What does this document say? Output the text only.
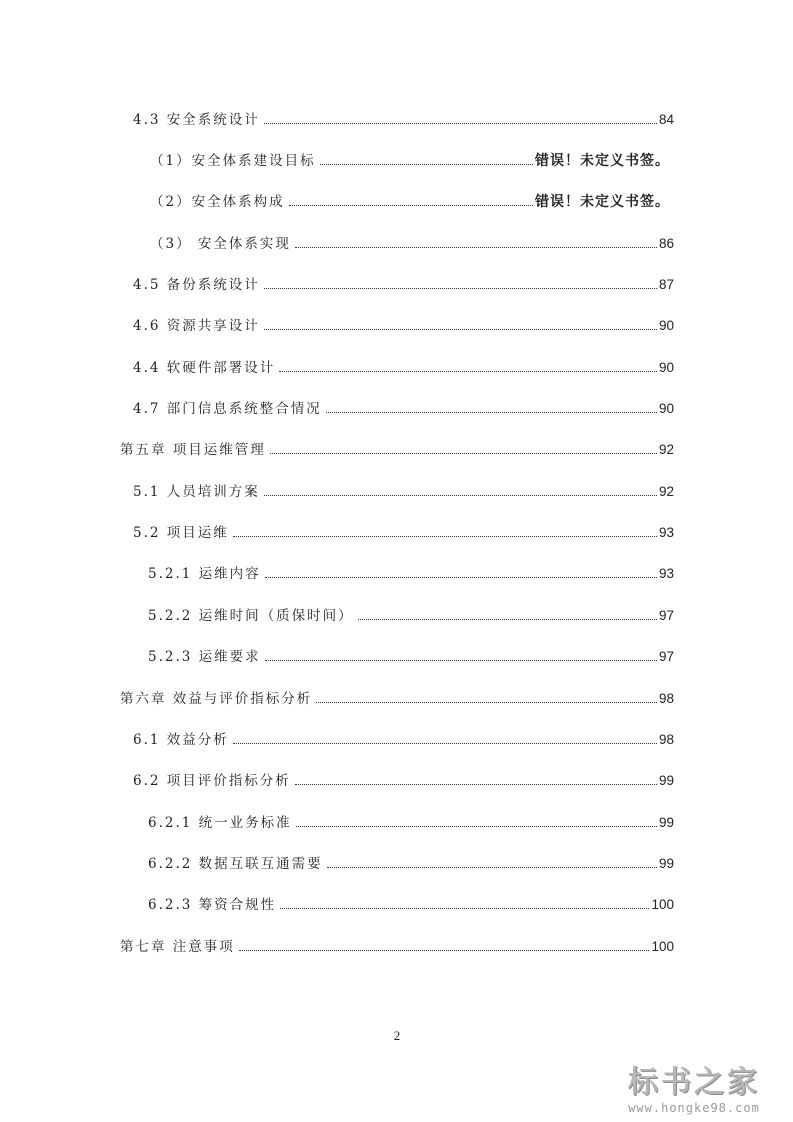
4.3 安全系统设计	84
（1）安全体系建设目标	错误！未定义书签。
（2）安全体系构成	错误！未定义书签。
（3） 安全体系实现	86
4.5 备份系统设计	87
4.6 资源共享设计	90
4.4 软硬件部署设计	90
4.7 部门信息系统整合情况	90
第五章 项目运维管理	92
5.1 人员培训方案	92
5.2 项目运维	93
5.2.1 运维内容	93
5.2.2 运维时间（质保时间）	97
5.2.3 运维要求	97
第六章 效益与评价指标分析	98
6.1 效益分析	98
6.2 项目评价指标分析	99
6.2.1 统一业务标准	99
6.2.2 数据互联互通需要	99
6.2.3 筹资合规性	100
第七章 注意事项	100
2
标书之家
www.hongke98.com
